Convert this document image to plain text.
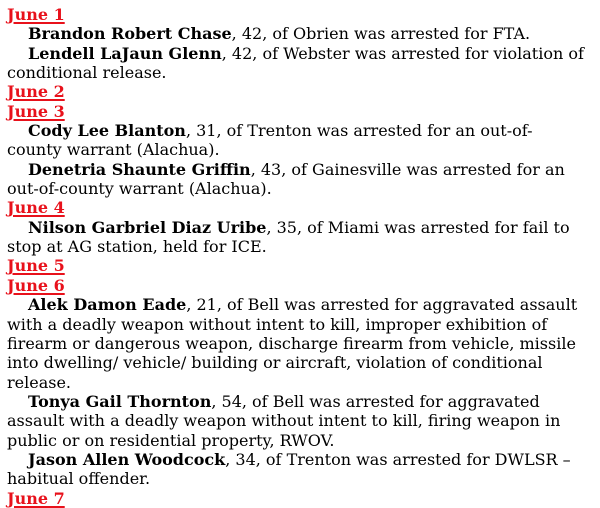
June 1

Brandon Robert Chase, 42, of Obrien was arrested for FTA.

Lendell LaJaun Glenn, 42, of Webster was arrested for violation of conditional release.

June 2
June 3

Cody Lee Blanton, 31, of Trenton was arrested for an out-of-county warrant (Alachua).

Denetria Shaunte Griffin, 43, of Gainesville was arrested for an out-of-county warrant (Alachua).

June 4

Nilson Garbriel Diaz Uribe, 35, of Miami was arrested for fail to stop at AG station, held for ICE.

June 5
June 6

Alek Damon Eade, 21, of Bell was arrested for aggravated assault with a deadly weapon without intent to kill, improper exhibition of firearm or dangerous weapon, discharge firearm from vehicle, missile into dwelling/ vehicle/ building or aircraft, violation of conditional release.

Tonya Gail Thornton, 54, of Bell was arrested for aggravated assault with a deadly weapon without intent to kill, firing weapon in public or on residential property, RWOV.

Jason Allen Woodcock, 34, of Trenton was arrested for DWLSR – habitual offender.

June 7
